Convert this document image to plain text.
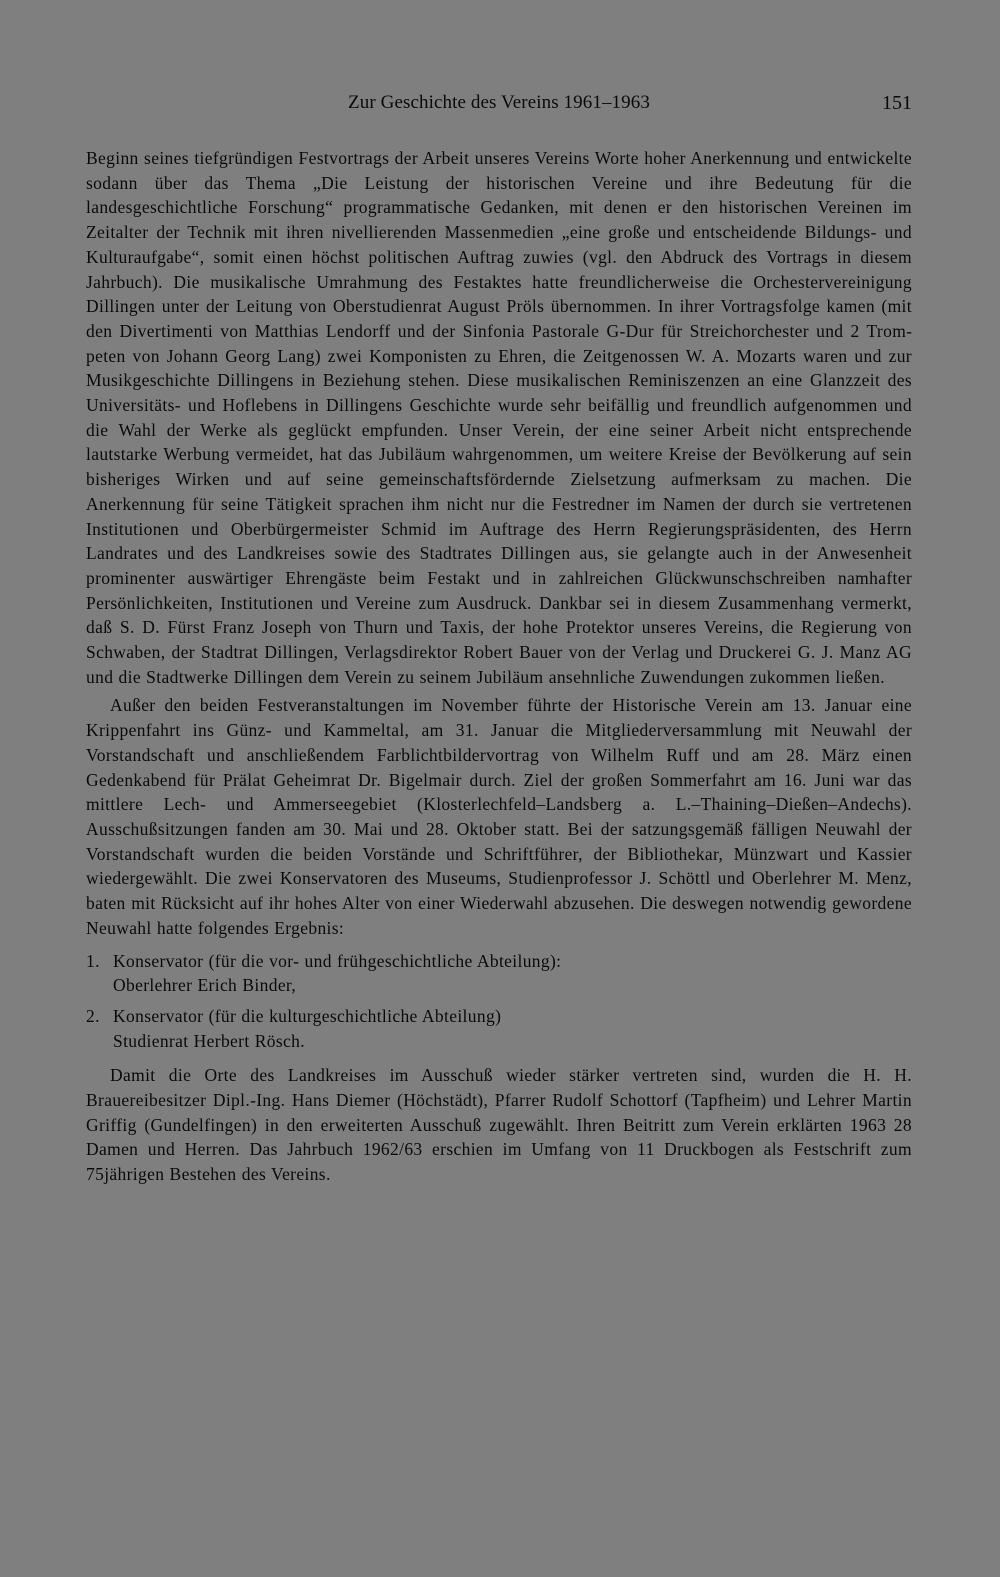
Zur Geschichte des Vereins 1961–1963	151

Beginn seines tiefgründigen Festvortrags der Arbeit unseres Vereins Worte hoher Anerkennung und entwickelte sodann über das Thema „Die Leistung der historischen Vereine und ihre Bedeutung für die landesgeschichtliche Forschung“ programmatische Gedanken, mit denen er den historischen Vereinen im Zeitalter der Technik mit ihren nivellierenden Massenmedien „eine große und entscheidende Bildungs- und Kulturaufgabe“, somit einen höchst politischen Auftrag zuwies (vgl. den Abdruck des Vortrags in diesem Jahrbuch). Die musikalische Umrahmung des Festaktes hatte freundlicherweise die Orchestervereinigung Dillingen unter der Leitung von Oberstudienrat August Pröls übernommen. In ihrer Vortragsfolge kamen (mit den Divertimenti von Matthias Lendorff und der Sinfonia Pastorale G-Dur für Streichorchester und 2 Trompeten von Johann Georg Lang) zwei Komponisten zu Ehren, die Zeitgenossen W. A. Mozarts waren und zur Musikgeschichte Dillingens in Beziehung stehen. Diese musikalischen Reminiszenzen an eine Glanzzeit des Universitäts- und Hoflebens in Dillingens Geschichte wurde sehr beifällig und freundlich aufgenommen und die Wahl der Werke als geglückt empfunden. Unser Verein, der eine seiner Arbeit nicht entsprechende lautstarke Werbung vermeidet, hat das Jubiläum wahrgenommen, um weitere Kreise der Bevölkerung auf sein bisheriges Wirken und auf seine gemeinschaftsfördernde Zielsetzung aufmerksam zu machen. Die Anerkennung für seine Tätigkeit sprachen ihm nicht nur die Festredner im Namen der durch sie vertretenen Institutionen und Oberbürgermeister Schmid im Auftrage des Herrn Regierungspräsidenten, des Herrn Landrates und des Landkreises sowie des Stadtrates Dillingen aus, sie gelangte auch in der Anwesenheit prominenter auswärtiger Ehrengäste beim Festakt und in zahlreichen Glückwunschschreiben namhafter Persönlichkeiten, Institutionen und Vereine zum Ausdruck. Dankbar sei in diesem Zusammenhang vermerkt, daß S. D. Fürst Franz Joseph von Thurn und Taxis, der hohe Protektor unseres Vereins, die Regierung von Schwaben, der Stadtrat Dillingen, Verlagsdirektor Robert Bauer von der Verlag und Druckerei G. J. Manz AG und die Stadtwerke Dillingen dem Verein zu seinem Jubiläum ansehnliche Zuwendungen zukommen ließen.

Außer den beiden Festveranstaltungen im November führte der Historische Verein am 13. Januar eine Krippenfahrt ins Günz- und Kammeltal, am 31. Januar die Mitgliederversammlung mit Neuwahl der Vorstandschaft und anschließendem Farblichtbildervortrag von Wilhelm Ruff und am 28. März einen Gedenkabend für Prälat Geheimrat Dr. Bigelmair durch. Ziel der großen Sommerfahrt am 16. Juni war das mittlere Lech- und Ammerseegebiet (Klosterlechfeld–Landsberg a. L.–Thaining–Dießen–Andechs). Ausschußsitzungen fanden am 30. Mai und 28. Oktober statt. Bei der satzungsgemäß fälligen Neuwahl der Vorstandschaft wurden die beiden Vorstände und Schriftführer, der Bibliothekar, Münzwart und Kassier wiedergewählt. Die zwei Konservatoren des Museums, Studienprofessor J. Schöttl und Oberlehrer M. Menz, baten mit Rücksicht auf ihr hohes Alter von einer Wiederwahl abzusehen. Die deswegen notwendig gewordene Neuwahl hatte folgendes Ergebnis:

1. Konservator (für die vor- und frühgeschichtliche Abteilung):
Oberlehrer Erich Binder,
2. Konservator (für die kulturgeschichtliche Abteilung)
Studienrat Herbert Rösch.

Damit die Orte des Landkreises im Ausschuß wieder stärker vertreten sind, wurden die H. H. Brauereibesitzer Dipl.-Ing. Hans Diemer (Höchstädt), Pfarrer Rudolf Schottorf (Tapfheim) und Lehrer Martin Griffig (Gundelfingen) in den erweiterten Ausschuß zugewählt. Ihren Beitritt zum Verein erklärten 1963 28 Damen und Herren. Das Jahrbuch 1962/63 erschien im Umfang von 11 Druckbogen als Festschrift zum 75jährigen Bestehen des Vereins.
